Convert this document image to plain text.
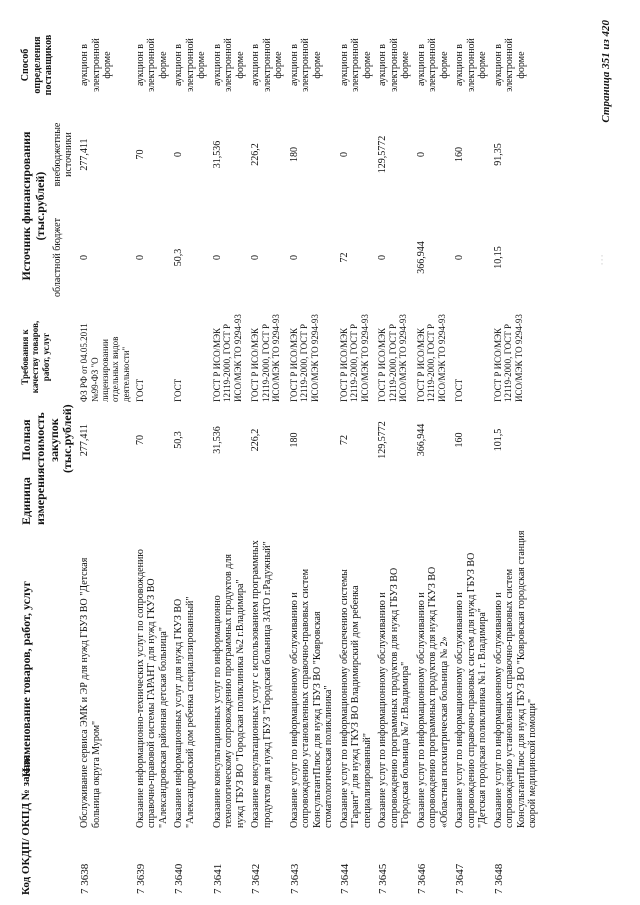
Код ОКДП/ ОКПД № заказа	Наименование товаров, работ, услуг	Единица измерения	Полная стоимость закупок (тыс.рублей)	Требования к качеству товаров, работ, услуг	Источник финансирования (тыс.рублей)		Способ определения поставщиков
					областной бюджет	внебюджетные источники	
7 3638	Обслуживание сервиса ЭМК и ЭР для нужд ГБУЗ ВО "Детская больница округа Муром"		277,411	ФЗ РФ от 04.05.2011 №99-ФЗ "О лицензировании отдельных видов деятельности"	0	277,411	аукцион в электронной форме
7 3639	Оказание информационно-технических услуг по сопровождению справочно-правовой системы ГАРАНТ для нужд ГКУЗ ВО "Александровская районная детская больница"		70	ГОСТ	0	70	аукцион в электронной форме
7 3640	Оказание информационных услуг для нужд ГКУЗ ВО "Александровский дом ребенка специализированный"		50,3	ГОСТ	50,3	0	аукцион в электронной форме
7 3641	Оказание консультационных услуг по информационно технологическому сопровождению программных продуктов для нужд ГБУЗ ВО "Городская поликлиника №2 г.Владимира"		31,536	ГОСТ Р ИСО/МЭК 12119-2000, ГОСТ Р ИСО/МЭК ТО 9294-93	0	31,536	аукцион в электронной форме
7 3642	Оказание консультационных услуг с использованием программных продуктов для нужд ГБУЗ "Городская больница ЗАТО г.Радужный"		226,2	ГОСТ Р ИСО/МЭК 12119-2000, ГОСТ Р ИСО/МЭК ТО 9294-93	0	226,2	аукцион в электронной форме
7 3643	Оказание услуг по информационному обслуживанию и сопровождению установленных справочно-правовых систем КонсультантПлюс для нужд ГБУЗ ВО "Ковровская стоматологическая поликлиника"		180	ГОСТ Р ИСО/МЭК 12119-2000, ГОСТ Р ИСО/МЭК ТО 9294-93	0	180	аукцион в электронной форме
7 3644	Оказание услуг по информационному обеспечению системы "Гарант" для нужд ГКУЗ ВО Владимирский дом ребенка специализированный"		72	ГОСТ Р ИСО/МЭК 12119-2000, ГОСТ Р ИСО/МЭК ТО 9294-93	72	0	аукцион в электронной форме
7 3645	Оказание услуг по информационному обслуживанию и сопровождению программных продуктов для нужд ГБУЗ ВО "Городская больница №7 г.Владимира"		129,5772	ГОСТ Р ИСО/МЭК 12119-2000, ГОСТ Р ИСО/МЭК ТО 9294-93	0	129,5772	аукцион в электронной форме
7 3646	Оказание услуг по информационному обслуживанию и сопровождению программных продуктов для нужд ГКУЗ ВО «Областная психиатрическая больница № 2»		366,944	ГОСТ Р ИСО/МЭК 12119-2000, ГОСТ Р ИСО/МЭК ТО 9294-93	366,944	0	аукцион в электронной форме
7 3647	Оказание услуг по информационному обслуживанию и сопровождению справочно-правовых систем для нужд ГБУЗ ВО "Детская городская поликлиника №1 г. Владимира"		160	ГОСТ	0	160	аукцион в электронной форме
7 3648	Оказание услуг по информационному обслуживанию и сопровождению установленных справочно-правовых систем КонсультантПлюс для нужд ГБУЗ ВО "Ковровская городская станция скорой медицинской помощи"		101,5	ГОСТ Р ИСО/МЭК 12119-2000, ГОСТ Р ИСО/МЭК ТО 9294-93	10,15	91,35	аукцион в электронной форме
· · ·
Страница 351 из 420
